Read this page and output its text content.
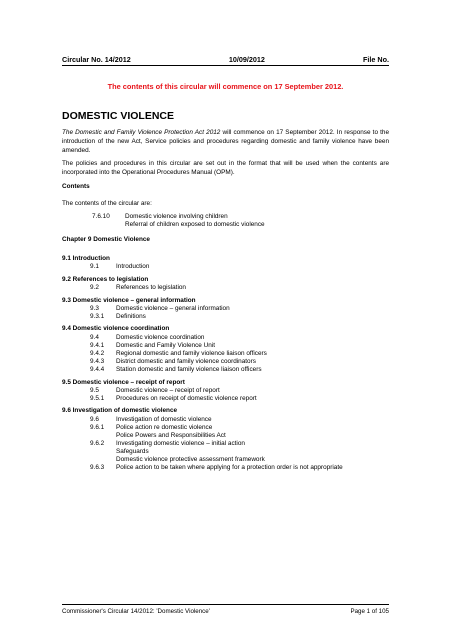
Circular No. 14/2012	10/09/2012	File No.
The contents of this circular will commence on 17 September 2012.
DOMESTIC VIOLENCE

The Domestic and Family Violence Protection Act 2012 will commence on 17 September 2012. In response to the introduction of the new Act, Service policies and procedures regarding domestic and family violence have been amended.

The policies and procedures in this circular are set out in the format that will be used when the contents are incorporated into the Operational Procedures Manual (OPM).

Contents
The contents of the circular are:
7.6.10	Domestic violence involving children
Referral of children exposed to domestic violence
Chapter 9 Domestic Violence
9.1 Introduction
9.1	Introduction
9.2 References to legislation
9.2	References to legislation
9.3 Domestic violence – general information
9.3	Domestic violence – general information
9.3.1	Definitions
9.4 Domestic violence coordination
9.4	Domestic violence coordination
9.4.1	Domestic and Family Violence Unit
9.4.2	Regional domestic and family violence liaison officers
9.4.3	District domestic and family violence coordinators
9.4.4	Station domestic and family violence liaison officers
9.5 Domestic violence – receipt of report
9.5	Domestic violence – receipt of report
9.5.1	Procedures on receipt of domestic violence report
9.6 Investigation of domestic violence
9.6	Investigation of domestic violence
9.6.1	Police action re domestic violence
Police Powers and Responsibilities Act
9.6.2	Investigating domestic violence – initial action
Safeguards
Domestic violence protective assessment framework
9.6.3	Police action to be taken where applying for a protection order is not appropriate
Commissioner's Circular 14/2012: 'Domestic Violence'	Page 1 of 105
